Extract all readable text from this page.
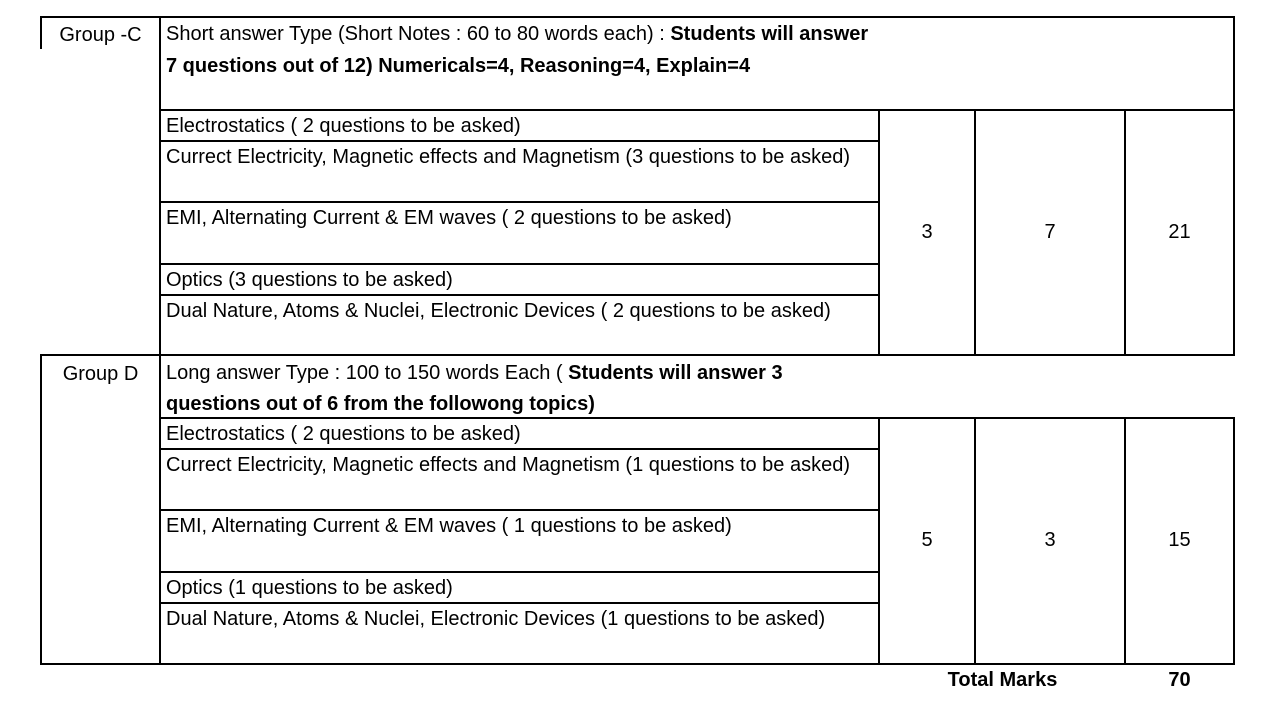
Group -C	Short answer Type (Short Notes : 60 to 80 words each) : Students will answer 7 questions out of 12) Numericals=4, Reasoning=4, Explain=4
Electrostatics ( 2 questions to be asked)
Currect Electricity, Magnetic effects and Magnetism (3 questions to be asked)
EMI, Alternating Current & EM waves ( 2 questions to be asked)
Optics (3 questions to be asked)
Dual Nature, Atoms & Nuclei, Electronic Devices ( 2 questions to be asked)
3	7	21
Group D	Long answer Type : 100 to 150 words Each ( Students will answer 3 questions out of 6 from the followong topics)
Electrostatics ( 2 questions to be asked)
Currect Electricity, Magnetic effects and Magnetism (1 questions to be asked)
EMI, Alternating Current & EM waves ( 1 questions to be asked)
Optics (1 questions to be asked)
Dual Nature, Atoms & Nuclei, Electronic Devices (1 questions to be asked)
5	3	15
Total Marks	70
